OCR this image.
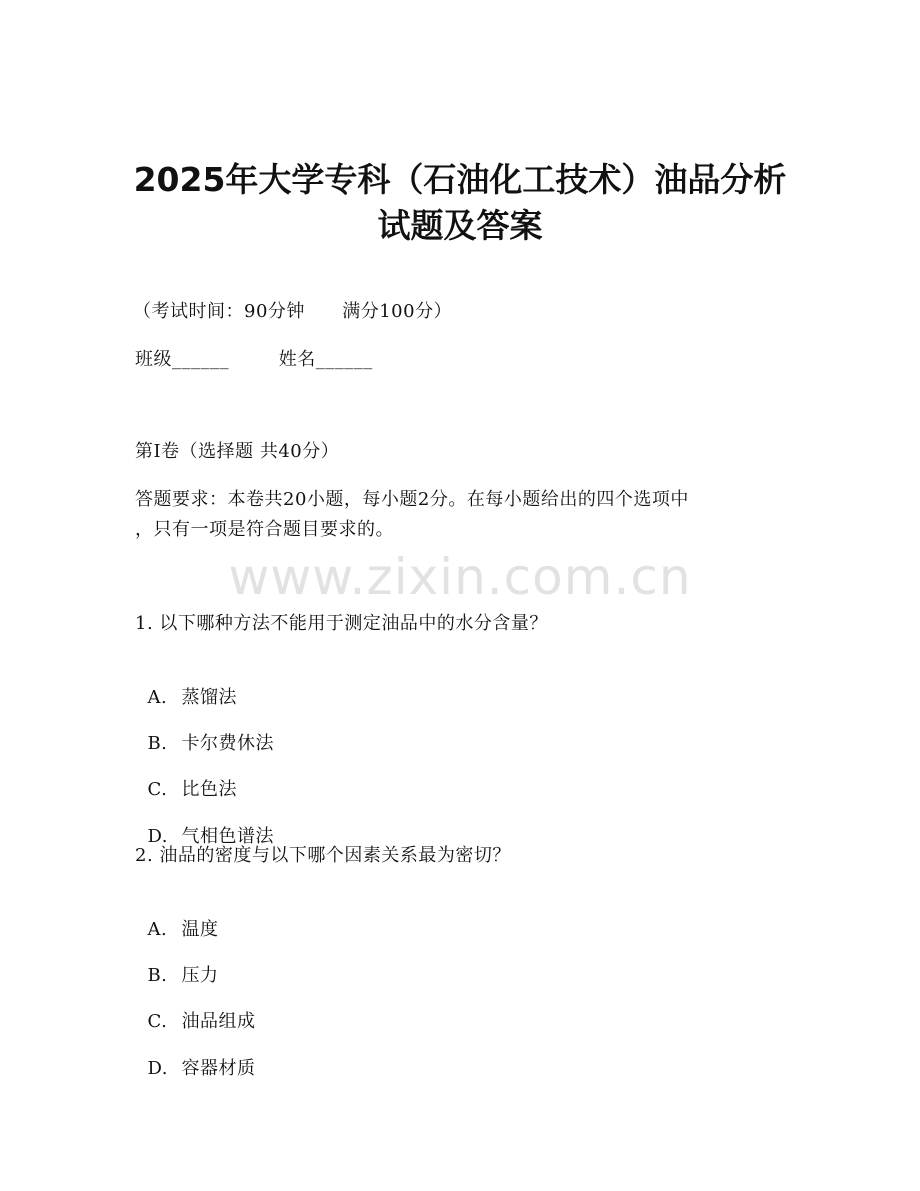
2025年大学专科（石油化工技术）油品分析
试题及答案
（考试时间：90分钟      满分100分）
班级______        姓名______
第I卷（选择题 共40分）
答题要求：本卷共20小题，每小题2分。在每小题给出的四个选项中
，只有一项是符合题目要求的。
www.zixin.com.cn
1. 以下哪种方法不能用于测定油品中的水分含量？

A. 蒸馏法

B. 卡尔费休法

C. 比色法

D. 气相色谱法

2. 油品的密度与以下哪个因素关系最为密切？

A. 温度

B. 压力

C. 油品组成

D. 容器材质
